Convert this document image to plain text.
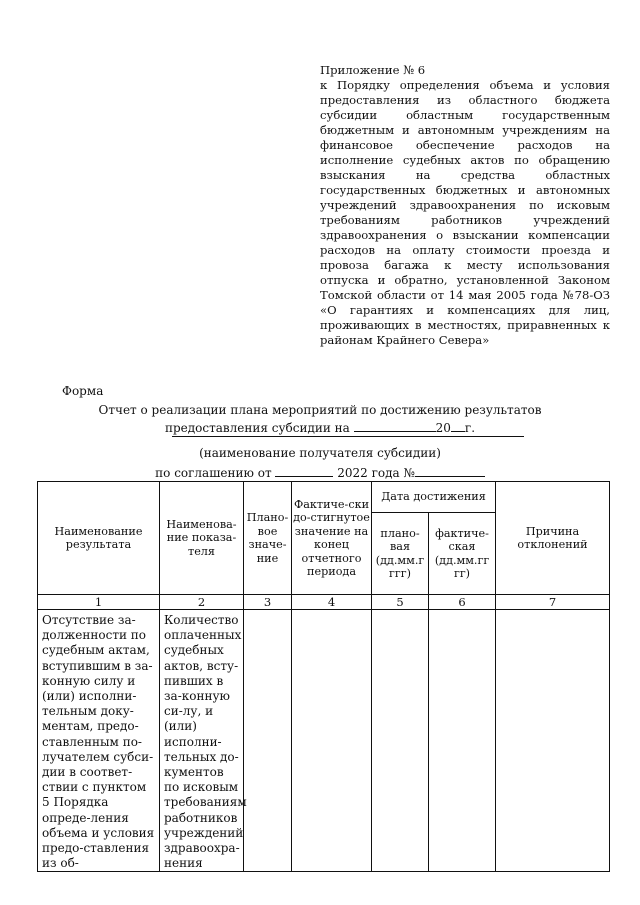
Приложение № 6
к Порядку определения объема и условия предоставления из областного бюджета субсидии областным государственным бюджетным и автономным учреждениям на финансовое обеспечение расходов на исполнение судебных актов по обращению взыскания на средства областных государственных бюджетных и автономных учреждений здравоохранения по исковым требованиям работников учреждений здравоохранения о взыскании компенсации расходов на оплату стоимости проезда и провоза багажа к месту использования отпуска и обратно, установленной Законом Томской области от 14 мая 2005 года №78-ОЗ «О гарантиях и компенсациях для лиц, проживающих в местностях, приравненных к районам Крайнего Севера»
Форма
Отчет о реализации плана мероприятий по достижению результатов
предоставления субсидии на	20 г.
(наименование получателя субсидии)
по соглашению от	2022 года №
Наименование результата	Наименова-ние показа-теля	Плано-вое значе-ние	Фактиче-ски до-стигнутое значение на конец отчетного периода	Дата достижения		Причина отклонений
				плано-вая (дд.мм.г ггг)	фактиче-ская (дд.мм.гг гг)	
1	2	3	4	5	6	7

Отсутствие за-долженности по судебным актам, вступившим в за-конную силу и (или) исполни-тельным доку-ментам, предо-ставленным по-лучателем субси-дии в соответ-ствии с пунктом 5 Порядка опреде-ления объема и условия предо-ставления из об-	Количество оплаченных судебных актов, всту-пивших в за-конную си-лу, и (или) исполни-тельных до-кументов по исковым требованиям работников учреждений здравоохра-нения					
